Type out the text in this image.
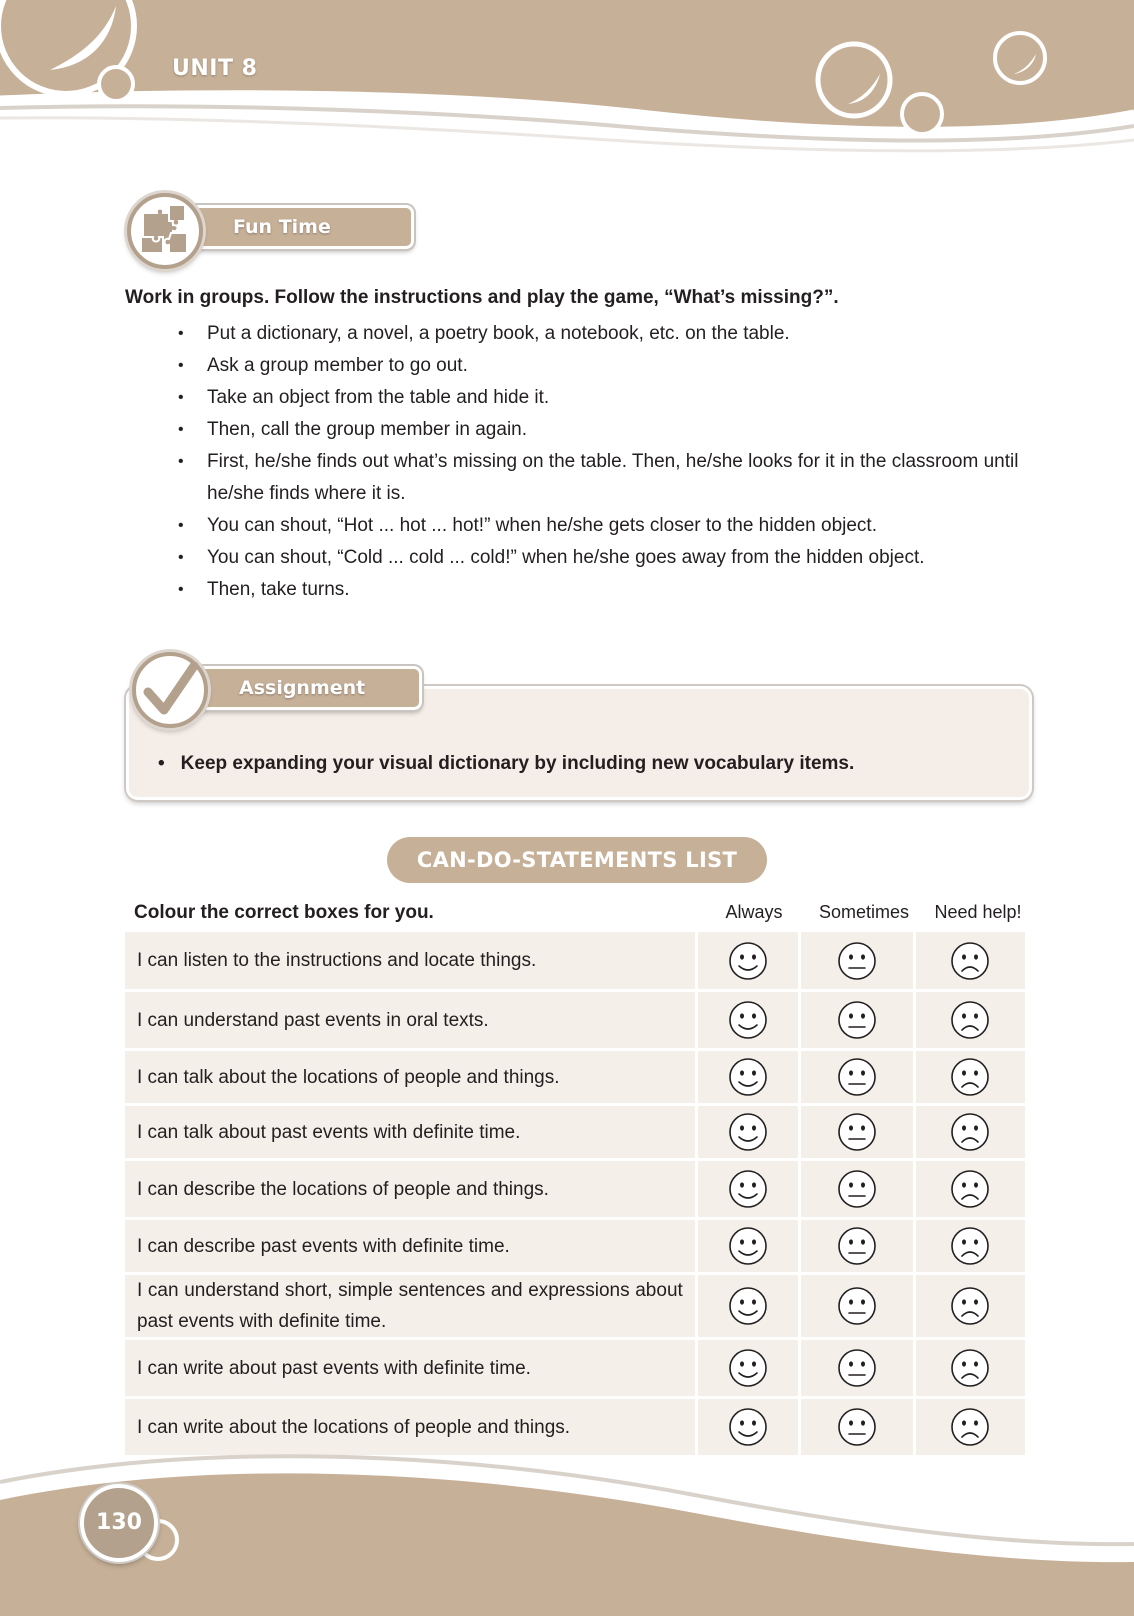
UNIT 8
Fun Time
Work in groups. Follow the instructions and play the game, “What’s missing?”.
• Put a dictionary, a novel, a poetry book, a notebook, etc. on the table.
• Ask a group member to go out.
• Take an object from the table and hide it.
• Then, call the group member in again.
• First, he/she finds out what’s missing on the table. Then, he/she looks for it in the classroom until he/she finds where it is.
• You can shout, “Hot ... hot ... hot!” when he/she gets closer to the hidden object.
• You can shout, “Cold ... cold ... cold!” when he/she goes away from the hidden object.
• Then, take turns.
Assignment
• Keep expanding your visual dictionary by including new vocabulary items.
CAN-DO-STATEMENTS LIST
Colour the correct boxes for you.	Always	Sometimes	Need help!
I can listen to the instructions and locate things.			
I can understand past events in oral texts.			
I can talk about the locations of people and things.			
I can talk about past events with definite time.			
I can describe the locations of people and things.			
I can describe past events with definite time.			
I can understand short, simple sentences and expressions about past events with definite time.			
I can write about past events with definite time.			
I can write about the locations of people and things.			
130
